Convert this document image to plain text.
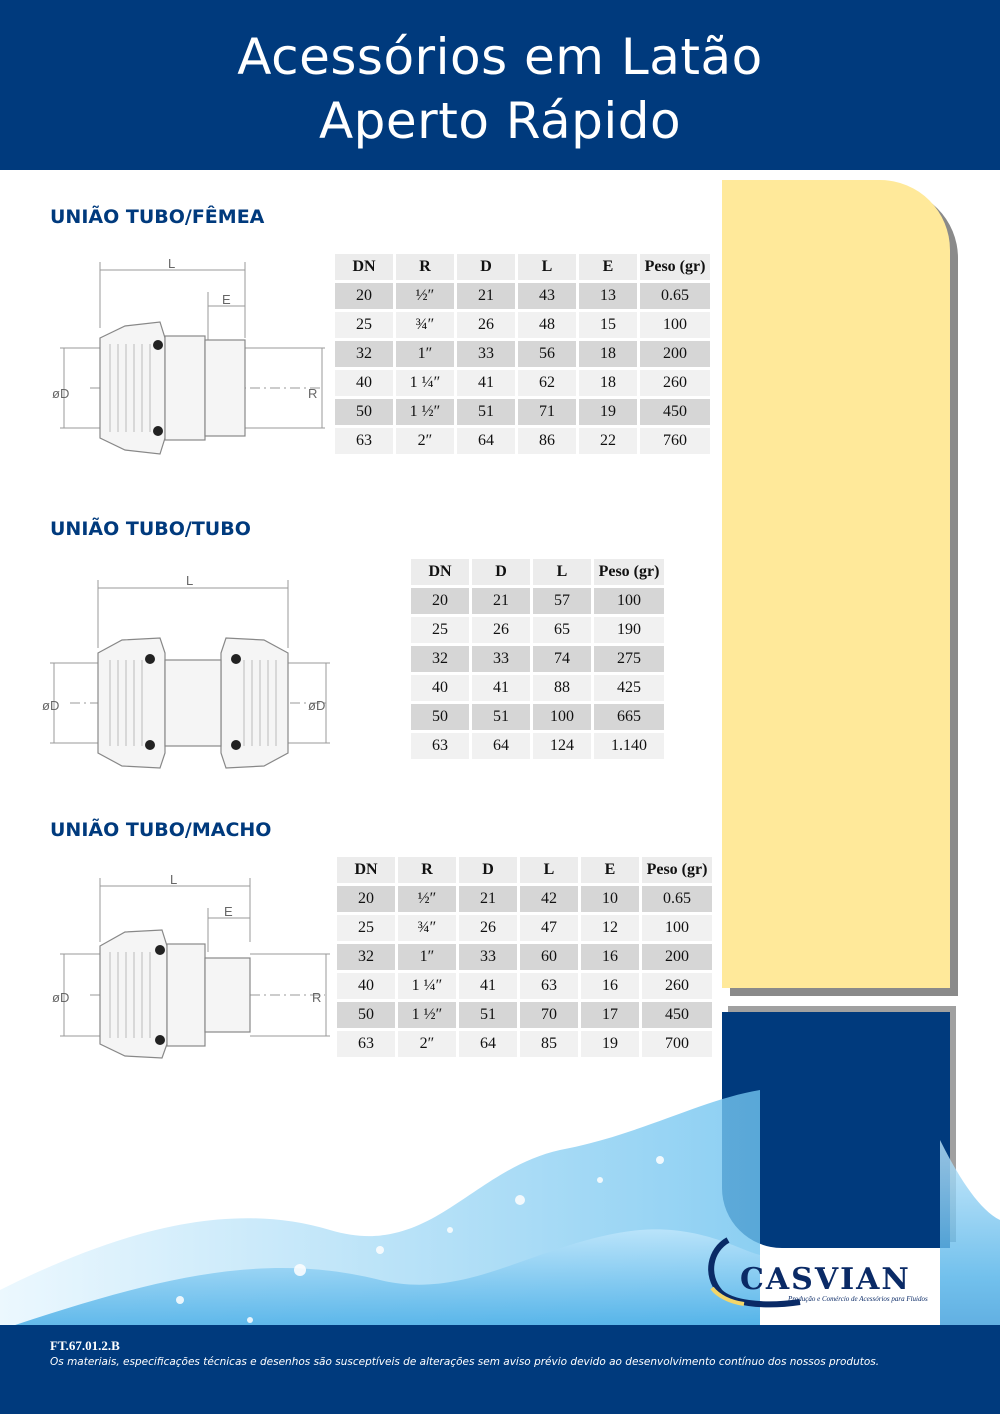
Acessórios em Latão
Aperto Rápido
CASVIAN
Produção e Comércio de Acessórios para Fluidos
FT.67.01.2.B
Os materiais, especificações técnicas e desenhos são susceptíveis de alterações sem aviso prévio devido ao desenvolvimento contínuo dos nossos produtos.
UNIÃO TUBO/FÊMEA
L
E
øD	R
DN	R	D	L	E	Peso (gr)
20	½″	21	43	13	0.65
25	¾″	26	48	15	100
32	1″	33	56	18	200
40	1 ¼″	41	62	18	260
50	1 ½″	51	71	19	450
63	2″	64	86	22	760
UNIÃO TUBO/TUBO
L
øD	øD
DN	D	L	Peso (gr)
20	21	57	100
25	26	65	190
32	33	74	275
40	41	88	425
50	51	100	665
63	64	124	1.140
UNIÃO TUBO/MACHO
L
E
øD	R
DN	R	D	L	E	Peso (gr)
20	½″	21	42	10	0.65
25	¾″	26	47	12	100
32	1″	33	60	16	200
40	1 ¼″	41	63	16	260
50	1 ½″	51	70	17	450
63	2″	64	85	19	700
